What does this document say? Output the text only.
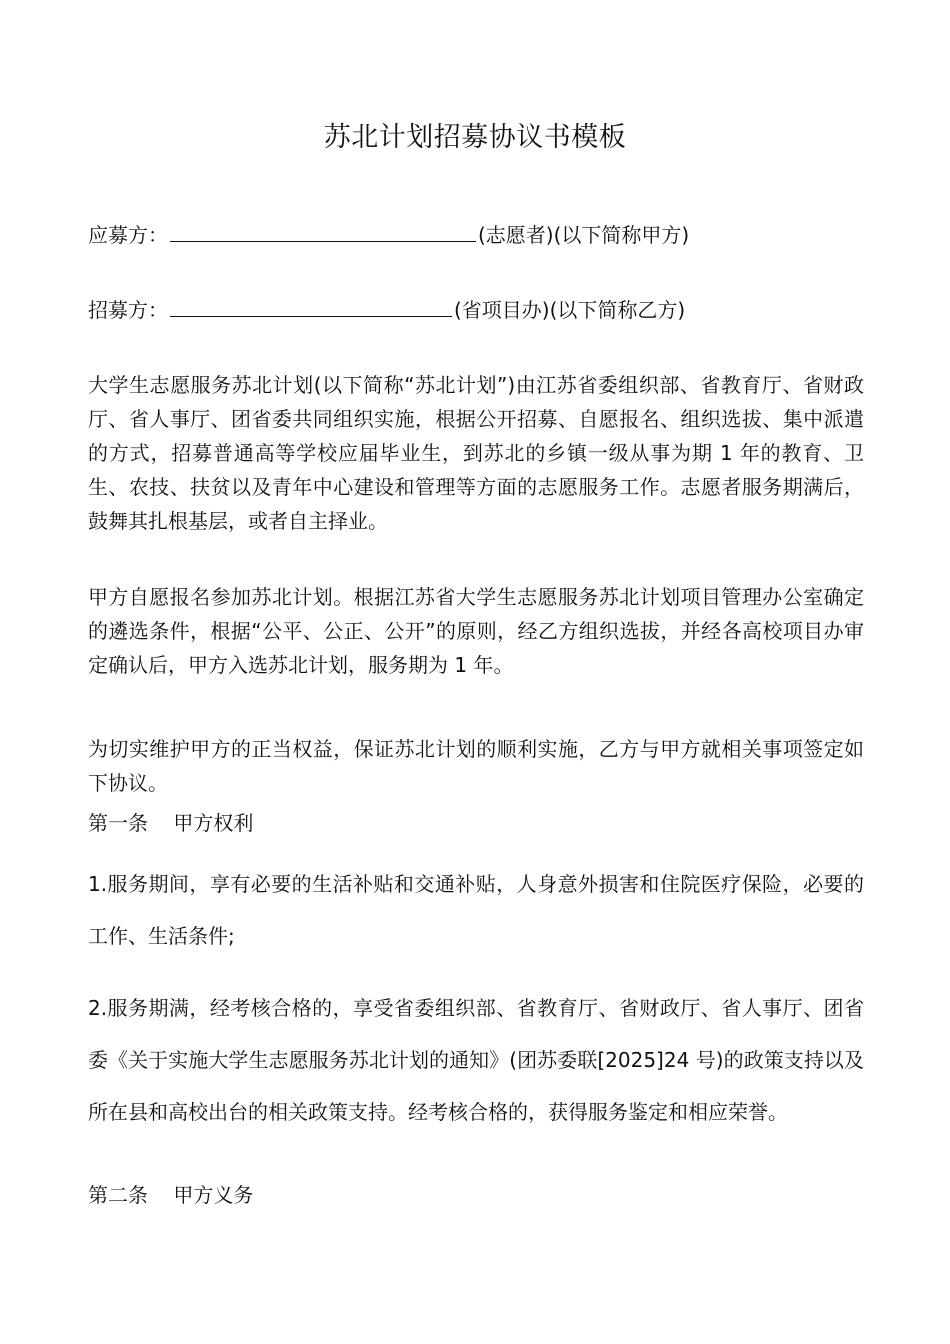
苏北计划招募协议书模板
应募方：	(志愿者)(以下简称甲方)
招募方：	(省项目办)(以下简称乙方)

大学生志愿服务苏北计划(以下简称“苏北计划”)由江苏省委组织部、省教育厅、省财政厅、省人事厅、团省委共同组织实施，根据公开招募、自愿报名、组织选拔、集中派遣的方式，招募普通高等学校应届毕业生，到苏北的乡镇一级从事为期 1 年的教育、卫生、农技、扶贫以及青年中心建设和管理等方面的志愿服务工作。志愿者服务期满后，鼓舞其扎根基层，或者自主择业。

甲方自愿报名参加苏北计划。根据江苏省大学生志愿服务苏北计划项目管理办公室确定的遴选条件，根据“公平、公正、公开”的原则，经乙方组织选拔，并经各高校项目办审定确认后，甲方入选苏北计划，服务期为 1 年。

为切实维护甲方的正当权益，保证苏北计划的顺利实施，乙方与甲方就相关事项签定如下协议。

第一条    甲方权利

1.服务期间，享有必要的生活补贴和交通补贴，人身意外损害和住院医疗保险，必要的工作、生活条件;

2.服务期满，经考核合格的，享受省委组织部、省教育厅、省财政厅、省人事厅、团省委《关于实施大学生志愿服务苏北计划的通知》(团苏委联[2025]24 号)的政策支持以及所在县和高校出台的相关政策支持。经考核合格的，获得服务鉴定和相应荣誉。

第二条    甲方义务
